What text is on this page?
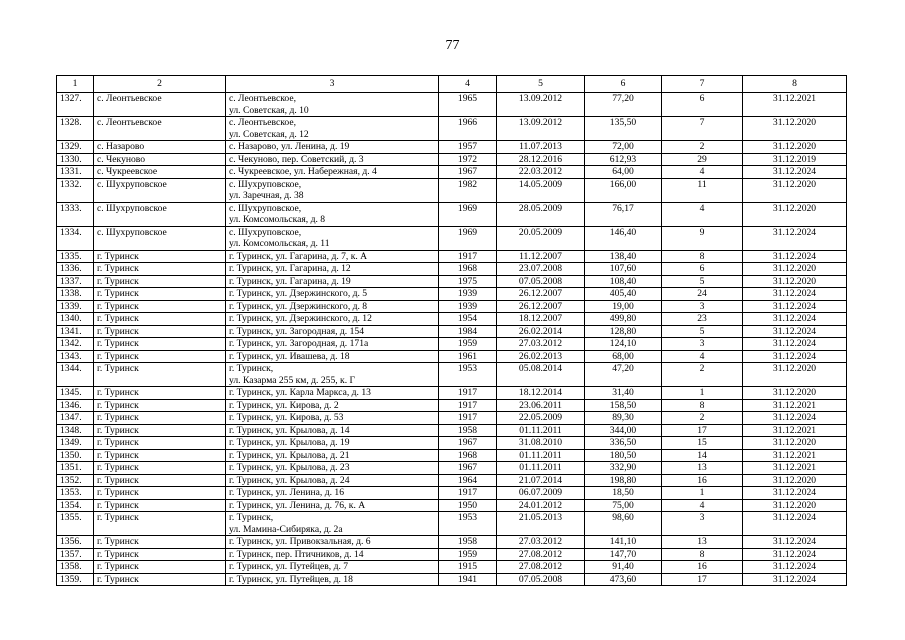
77
1	2	3	4	5	6	7	8
1327.	с. Леонтьевское	с. Леонтьевское,
ул. Советская, д. 10	1965	13.09.2012	77,20	6	31.12.2021
1328.	с. Леонтьевское	с. Леонтьевское,
ул. Советская, д. 12	1966	13.09.2012	135,50	7	31.12.2020
1329.	с. Назарово	с. Назарово, ул. Ленина, д. 19	1957	11.07.2013	72,00	2	31.12.2020
1330.	с. Чекуново	с. Чекуново, пер. Советский, д. 3	1972	28.12.2016	612,93	29	31.12.2019
1331.	с. Чукреевское	с. Чукреевское, ул. Набережная, д. 4	1967	22.03.2012	64,00	4	31.12.2024
1332.	с. Шухруповское	с. Шухруповское,
ул. Заречная, д. 38	1982	14.05.2009	166,00	11	31.12.2020
1333.	с. Шухруповское	с. Шухруповское,
ул. Комсомольская, д. 8	1969	28.05.2009	76,17	4	31.12.2020
1334.	с. Шухруповское	с. Шухруповское,
ул. Комсомольская, д. 11	1969	20.05.2009	146,40	9	31.12.2024
1335.	г. Туринск	г. Туринск, ул. Гагарина, д. 7, к. А	1917	11.12.2007	138,40	8	31.12.2024
1336.	г. Туринск	г. Туринск, ул. Гагарина, д. 12	1968	23.07.2008	107,60	6	31.12.2020
1337.	г. Туринск	г. Туринск, ул. Гагарина, д. 19	1975	07.05.2008	108,40	5	31.12.2020
1338.	г. Туринск	г. Туринск, ул. Дзержинского, д. 5	1939	26.12.2007	405,40	24	31.12.2024
1339.	г. Туринск	г. Туринск, ул. Дзержинского, д. 8	1939	26.12.2007	19,00	3	31.12.2024
1340.	г. Туринск	г. Туринск, ул. Дзержинского, д. 12	1954	18.12.2007	499,80	23	31.12.2024
1341.	г. Туринск	г. Туринск, ул. Загородная, д. 154	1984	26.02.2014	128,80	5	31.12.2024
1342.	г. Туринск	г. Туринск, ул. Загородная, д. 171а	1959	27.03.2012	124,10	3	31.12.2024
1343.	г. Туринск	г. Туринск, ул. Ивашева, д. 18	1961	26.02.2013	68,00	4	31.12.2024
1344.	г. Туринск	г. Туринск,
ул. Казарма 255 км, д. 255, к. Г	1953	05.08.2014	47,20	2	31.12.2020
1345.	г. Туринск	г. Туринск, ул. Карла Маркса, д. 13	1917	18.12.2014	31,40	1	31.12.2020
1346.	г. Туринск	г. Туринск, ул. Кирова, д. 2	1917	23.06.2011	158,50	8	31.12.2021
1347.	г. Туринск	г. Туринск, ул. Кирова, д. 53	1917	22.05.2009	89,30	2	31.12.2024
1348.	г. Туринск	г. Туринск, ул. Крылова, д. 14	1958	01.11.2011	344,00	17	31.12.2021
1349.	г. Туринск	г. Туринск, ул. Крылова, д. 19	1967	31.08.2010	336,50	15	31.12.2020
1350.	г. Туринск	г. Туринск, ул. Крылова, д. 21	1968	01.11.2011	180,50	14	31.12.2021
1351.	г. Туринск	г. Туринск, ул. Крылова, д. 23	1967	01.11.2011	332,90	13	31.12.2021
1352.	г. Туринск	г. Туринск, ул. Крылова, д. 24	1964	21.07.2014	198,80	16	31.12.2020
1353.	г. Туринск	г. Туринск, ул. Ленина, д. 16	1917	06.07.2009	18,50	1	31.12.2024
1354.	г. Туринск	г. Туринск, ул. Ленина, д. 76, к. А	1950	24.01.2012	75,00	4	31.12.2020
1355.	г. Туринск	г. Туринск,
ул. Мамина-Сибиряка, д. 2а	1953	21.05.2013	98,60	3	31.12.2024
1356.	г. Туринск	г. Туринск, ул. Привокзальная, д. 6	1958	27.03.2012	141,10	13	31.12.2024
1357.	г. Туринск	г. Туринск, пер. Птичников, д. 14	1959	27.08.2012	147,70	8	31.12.2024
1358.	г. Туринск	г. Туринск, ул. Путейцев, д. 7	1915	27.08.2012	91,40	16	31.12.2024
1359.	г. Туринск	г. Туринск, ул. Путейцев, д. 18	1941	07.05.2008	473,60	17	31.12.2024
